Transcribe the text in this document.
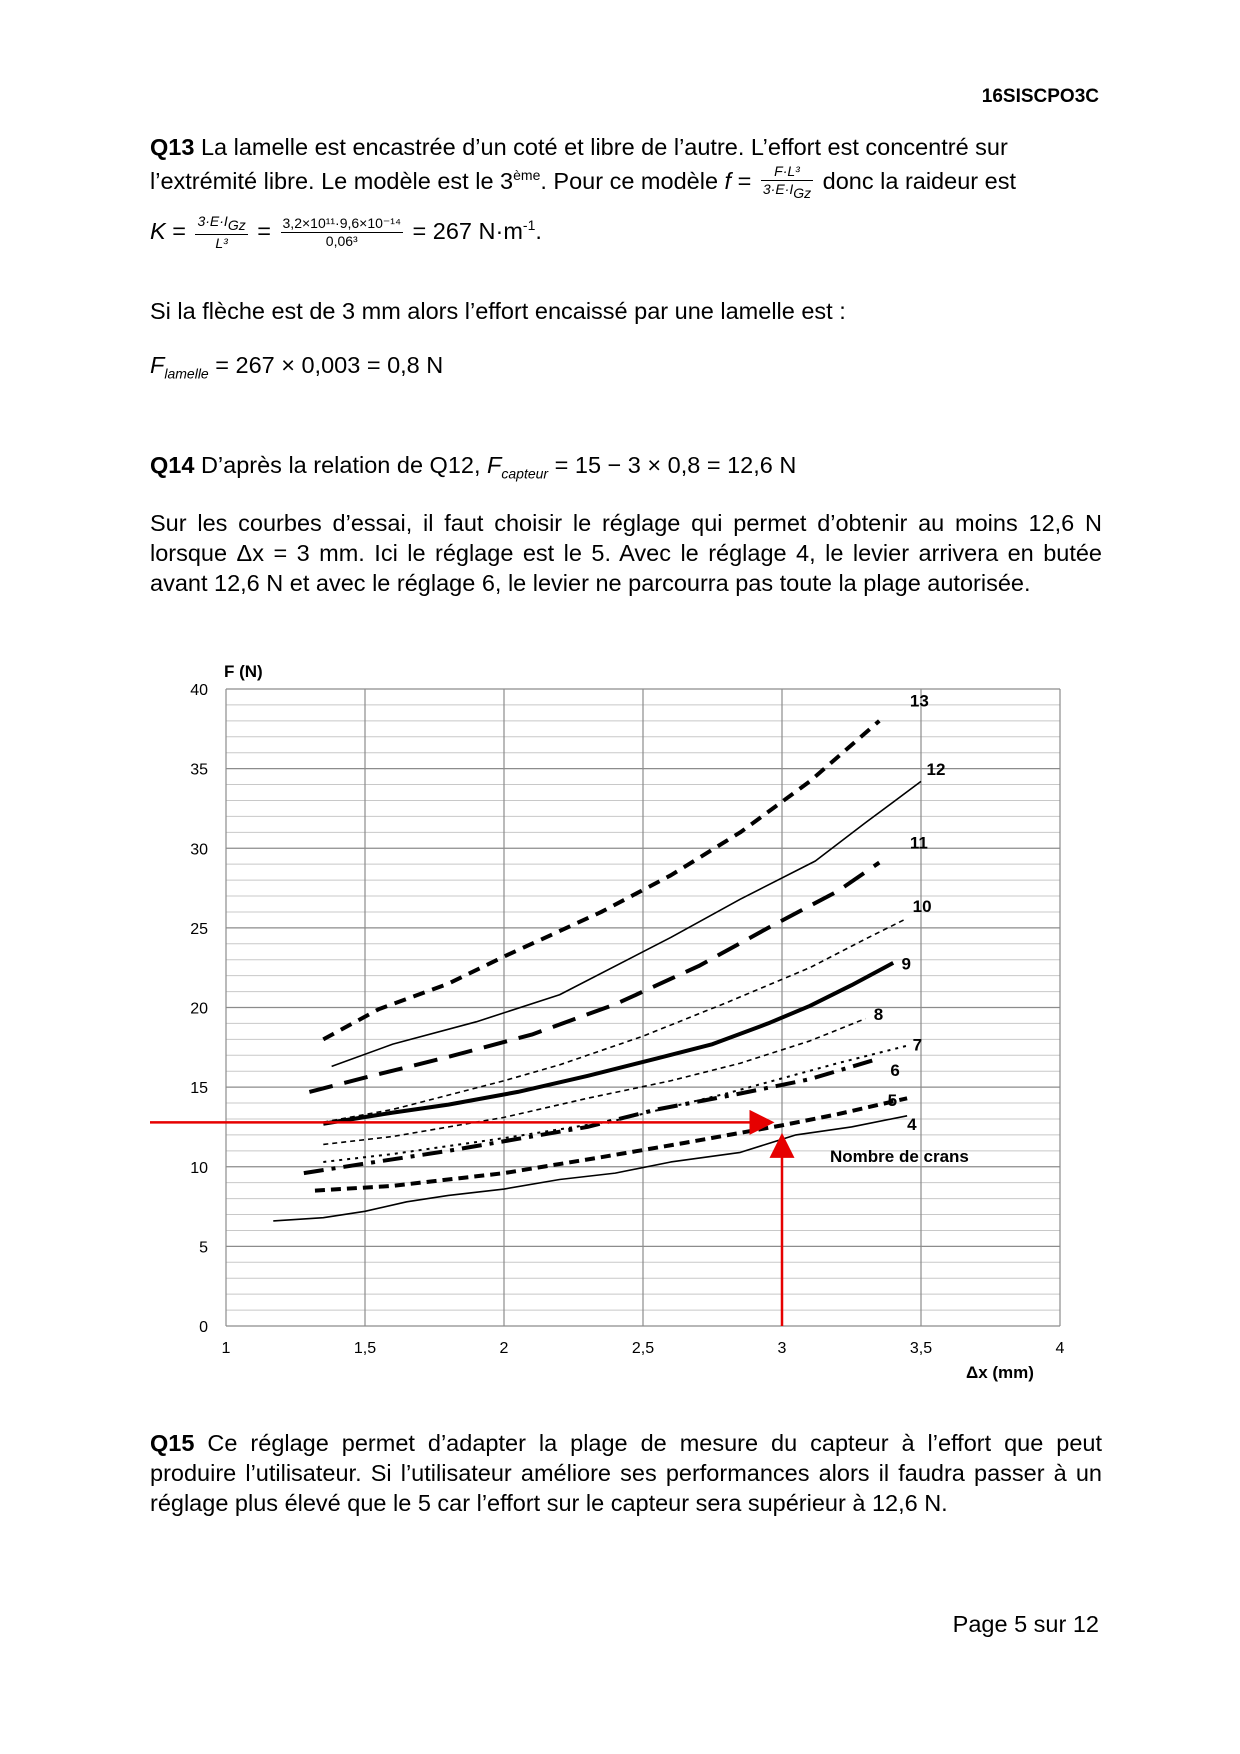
16SISCPO3C
Q13 La lamelle est encastrée d’un coté et libre de l’autre. L’effort est concentré sur
l’extrémité libre. Le modèle est le 3ème. Pour ce modèle $f = \frac{\text{F·L³}}{3\cdot E\cdot I_{Gz}}$ donc la raideur est
$K = \frac{3\cdot E\cdot I_{Gz}}{\text{L³}} = \frac{\text{3,2×10¹¹·9,6×10⁻¹⁴}}{\text{0,06³}} = 267$ $N\cdot m^{-1}$.
Si la flèche est de 3 mm alors l’effort encaissé par une lamelle est :
$F_{lamelle} = 267 \times 0,003 = 0,8$ N
Q14 D’après la relation de Q12, $F_{capteur} = 15 - 3 \times 0,8 = 12,6$ N
Sur les courbes d’essai, il faut choisir le réglage qui permet d’obtenir au moins 12,6 N lorsque Δx = 3 mm. Ici le réglage est le 5. Avec le réglage 4, le levier arrivera en butée avant 12,6 N et avec le réglage 6, le levier ne parcourra pas toute la plage autorisée.
0
5
10
15
20
25
30
35
40
1	1,5	2	2,5	3	3,5	4
13
12
11
10
9
8
7
6
5
4
F (N)
Δx (mm)
Nombre de crans
Q15 Ce réglage permet d’adapter la plage de mesure du capteur à l’effort que peut produire l’utilisateur. Si l’utilisateur améliore ses performances alors il faudra passer à un réglage plus élevé que le 5 car l’effort sur le capteur sera supérieur à 12,6 N.
Page 5 sur 12
